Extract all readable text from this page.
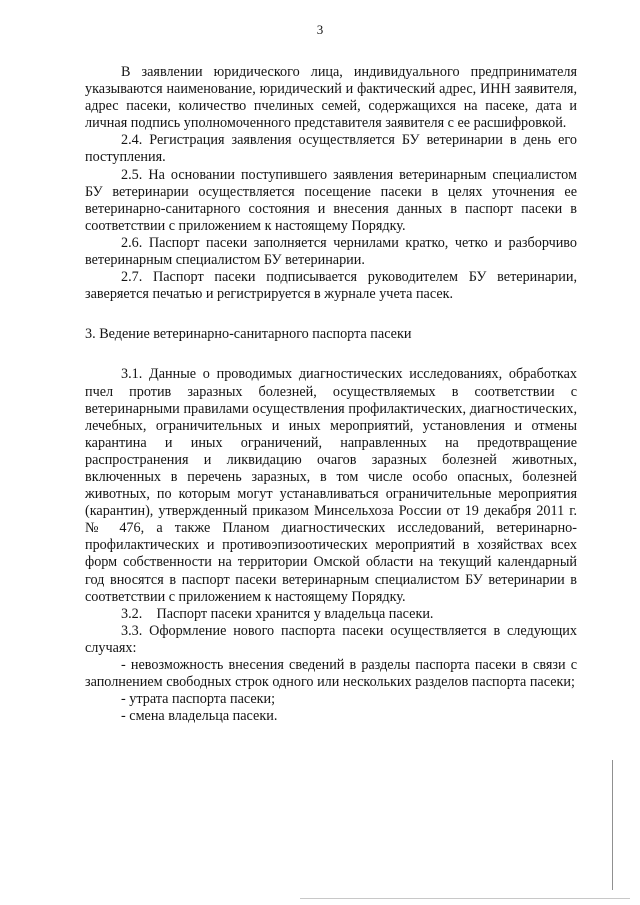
3

В заявлении юридического лица, индивидуального предпринимателя указываются наименование, юридический и фактический адрес, ИНН заявителя, адрес пасеки, количество пчелиных семей, содержащихся на пасеке, дата и личная подпись уполномоченного представителя заявителя с ее расшифровкой.

2.4. Регистрация заявления осуществляется БУ ветеринарии в день его поступления.

2.5. На основании поступившего заявления ветеринарным специалистом БУ ветеринарии осуществляется посещение пасеки в целях уточнения ее ветеринарно-санитарного состояния и внесения данных в паспорт пасеки в соответствии с приложением к настоящему Порядку.

2.6. Паспорт пасеки заполняется чернилами кратко, четко и разборчиво ветеринарным специалистом БУ ветеринарии.

2.7. Паспорт пасеки подписывается руководителем БУ ветеринарии, заверяется печатью и регистрируется в журнале учета пасек.

3. Ведение ветеринарно-санитарного паспорта пасеки

3.1. Данные о проводимых диагностических исследованиях, обработках пчел против заразных болезней, осуществляемых в соответствии с ветеринарными правилами осуществления профилактических, диагностических, лечебных, ограничительных и иных мероприятий, установления и отмены карантина и иных ограничений, направленных на предотвращение распространения и ликвидацию очагов заразных болезней животных, включенных в перечень заразных, в том числе особо опасных, болезней животных, по которым могут устанавливаться ограничительные мероприятия (карантин), утвержденный приказом Минсельхоза России от 19 декабря 2011 г. № 476, а также Планом диагностических исследований, ветеринарно-профилактических и противоэпизоотических мероприятий в хозяйствах всех форм собственности на территории Омской области на текущий календарный год вносятся в паспорт пасеки ветеринарным специалистом БУ ветеринарии в соответствии с приложением к настоящему Порядку.

3.2. Паспорт пасеки хранится у владельца пасеки.

3.3. Оформление нового паспорта пасеки осуществляется в следующих случаях:

- невозможность внесения сведений в разделы паспорта пасеки в связи с заполнением свободных строк одного или нескольких разделов паспорта пасеки;

- утрата паспорта пасеки;

- смена владельца пасеки.
